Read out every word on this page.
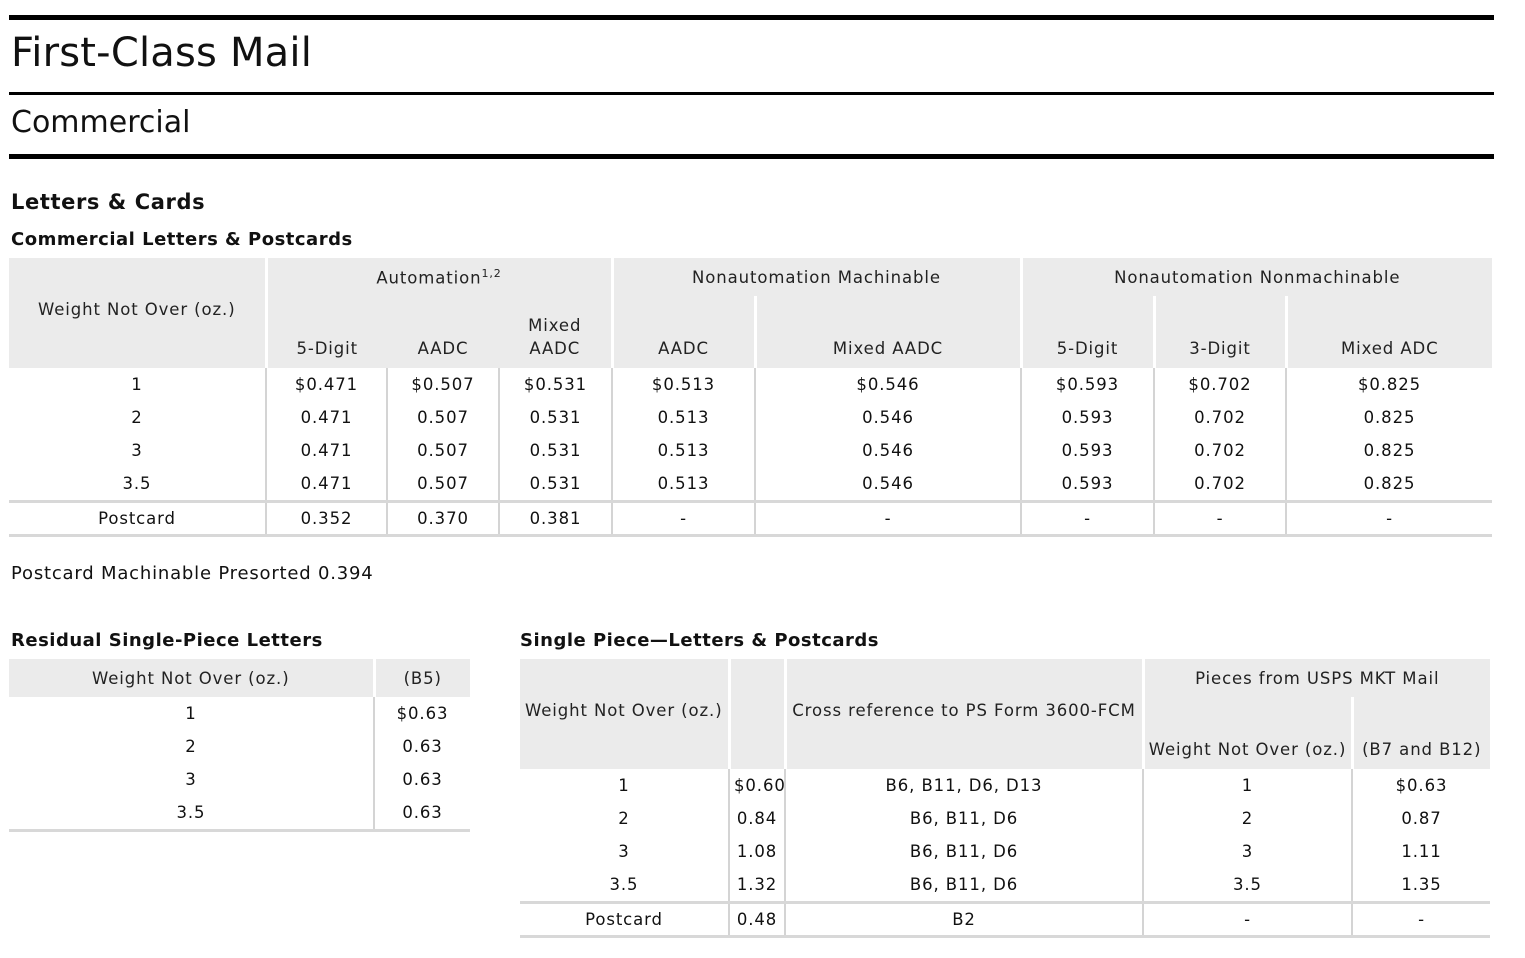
First-Class Mail
Commercial
Letters & Cards
Commercial Letters & Postcards
Weight Not Over (oz.)	Automation$^{1,2}$			Nonautomation Machinable		Nonautomation Nonmachinable		
	5-Digit	AADC	Mixed AADC	AADC	Mixed AADC	5-Digit	3-Digit	Mixed ADC
1	$0.471	$0.507	$0.531	$0.513	$0.546	$0.593	$0.702	$0.825
2	0.471	0.507	0.531	0.513	0.546	0.593	0.702	0.825
3	0.471	0.507	0.531	0.513	0.546	0.593	0.702	0.825
3.5	0.471	0.507	0.531	0.513	0.546	0.593	0.702	0.825
Postcard	0.352	0.370	0.381	-	-	-	-	-
Postcard Machinable Presorted 0.394
Residual Single-Piece Letters	Single Piece—Letters & Postcards
Weight Not Over (oz.)	(B5)
1	$0.63
2	0.63
3	0.63
3.5	0.63
Weight Not Over (oz.)		Cross reference to PS Form 3600-FCM	Pieces from USPS MKT Mail	
			Weight Not Over (oz.)	(B7 and B12)
1	$0.60	B6, B11, D6, D13	1	$0.63
2	0.84	B6, B11, D6	2	0.87
3	1.08	B6, B11, D6	3	1.11
3.5	1.32	B6, B11, D6	3.5	1.35
Postcard	0.48	B2	-	-
